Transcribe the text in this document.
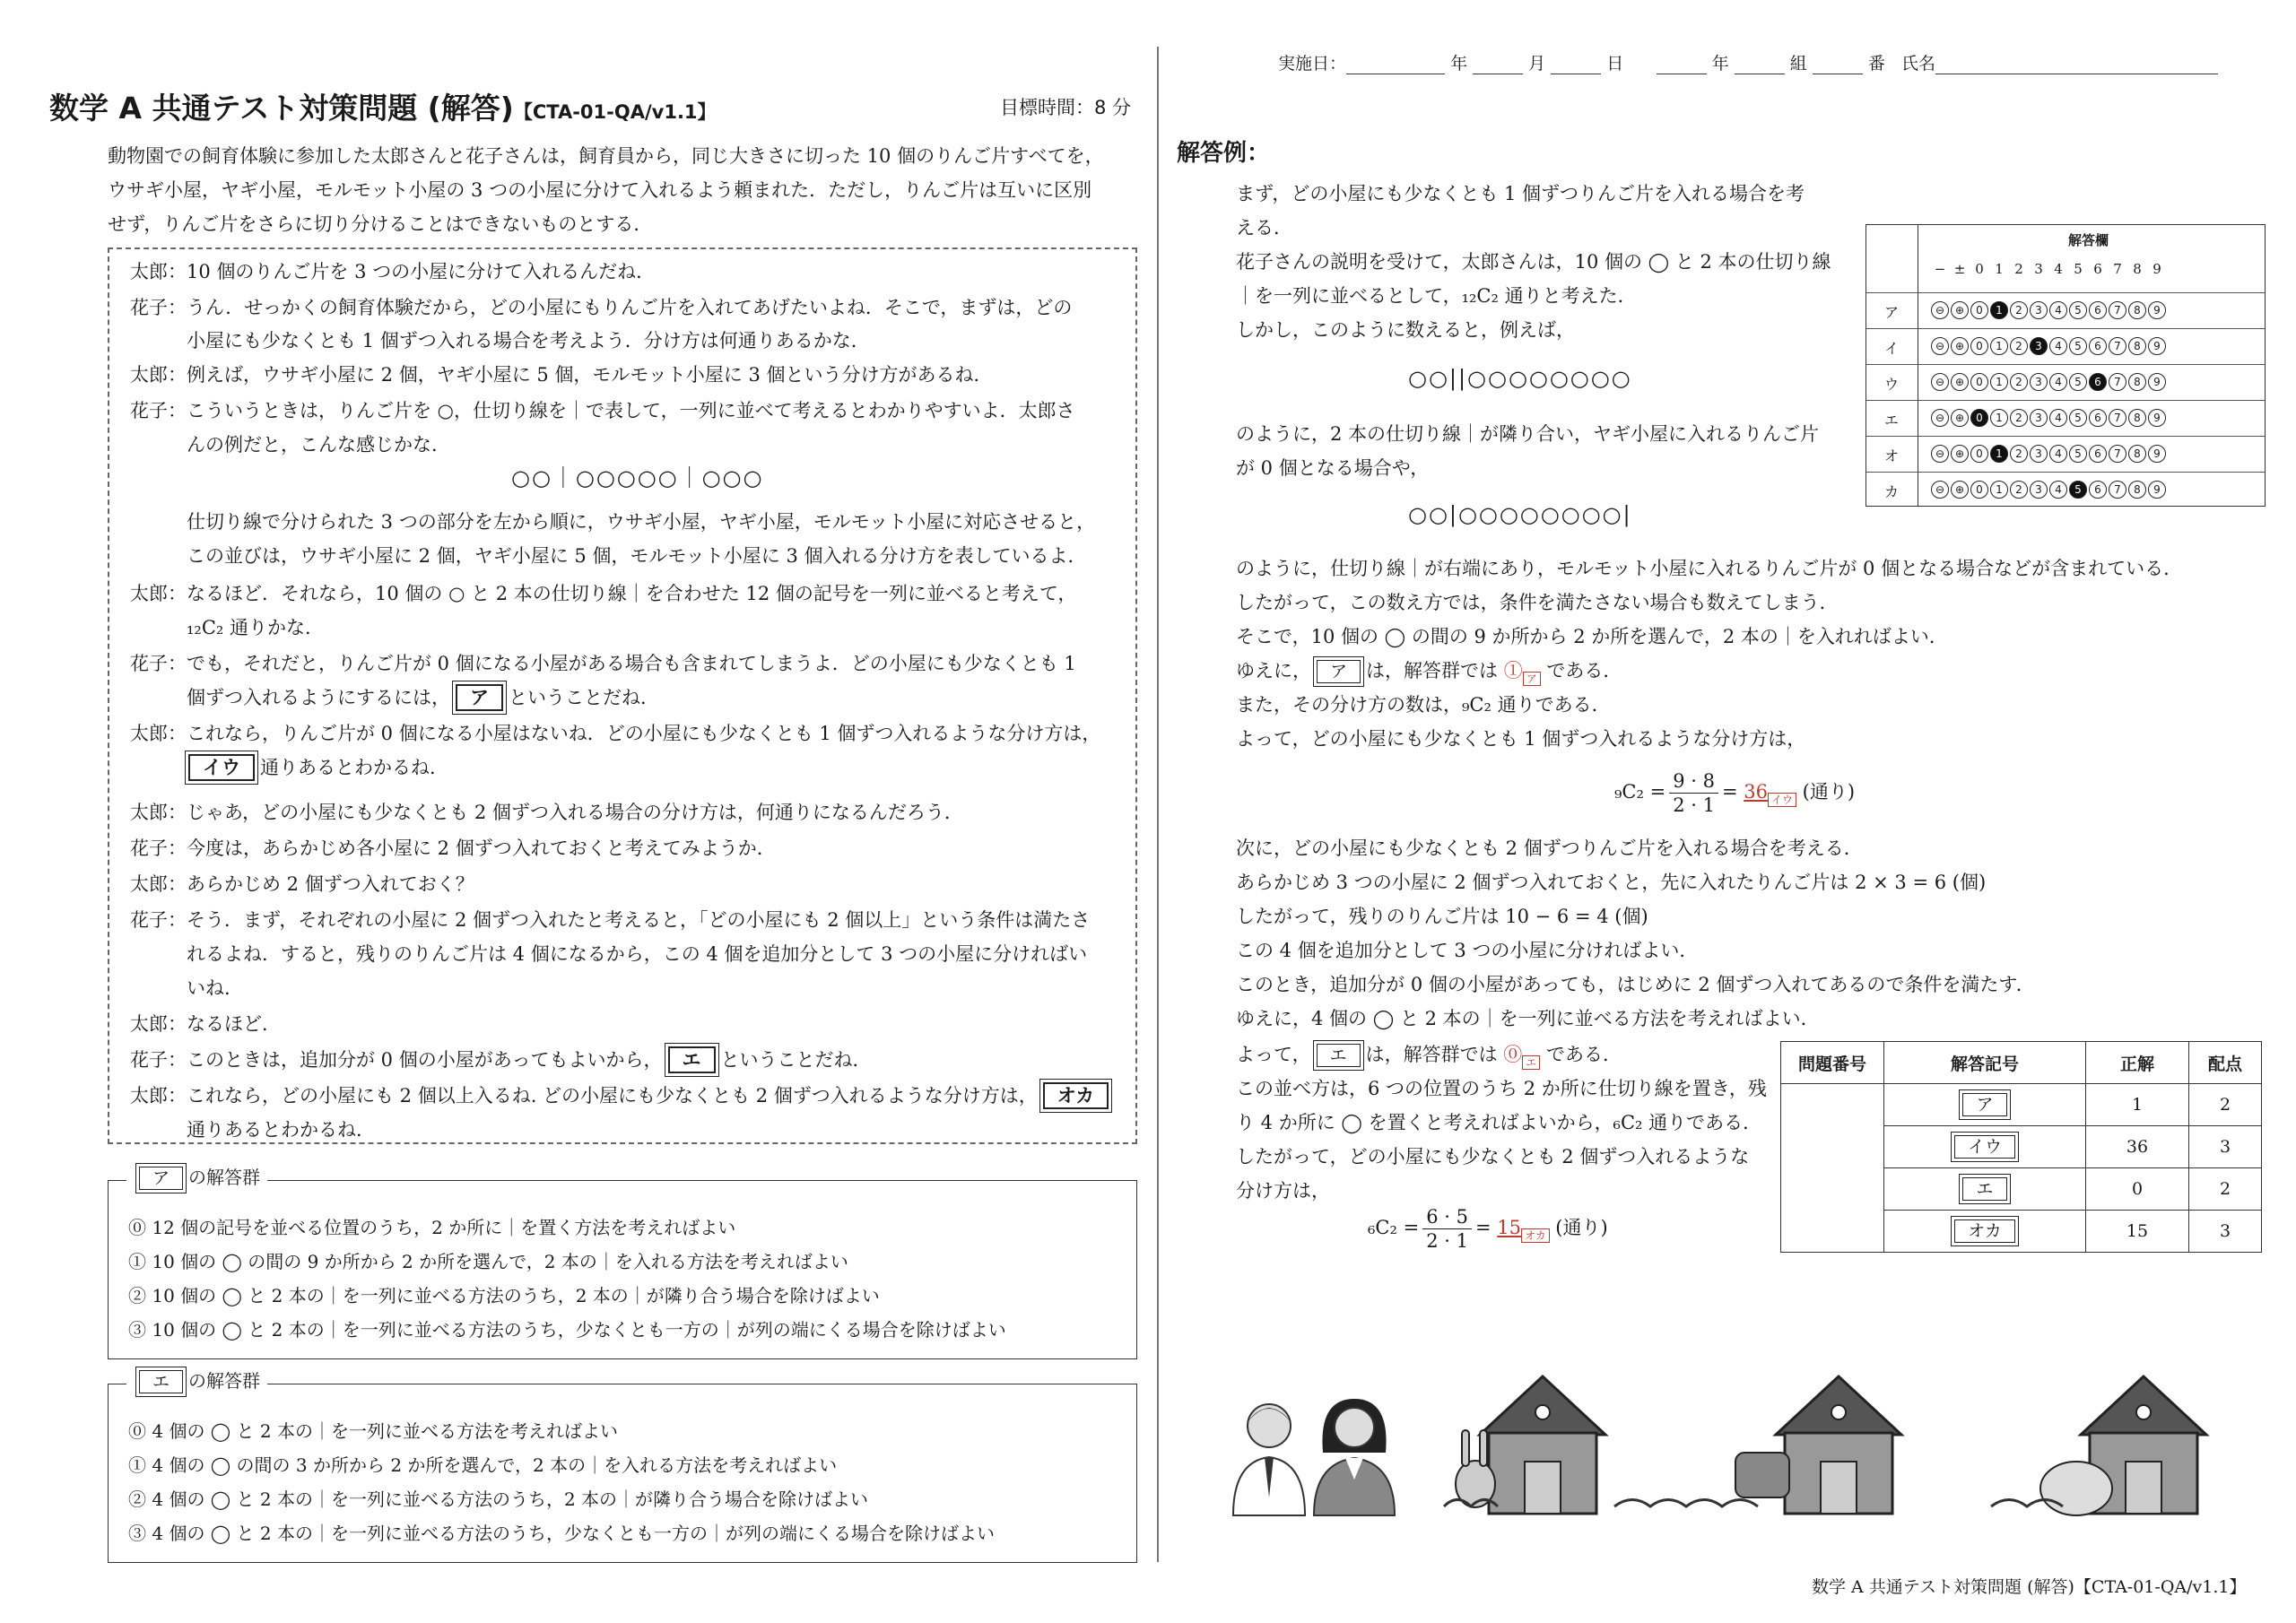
数学 A 共通テスト対策問題 (解答)【CTA-01-QA/v1.1】	目標時間：8 分
実施日：	年	月	日	年	組	番 氏名
動物園での飼育体験に参加した太郎さんと花子さんは，飼育員から，同じ大きさに切った 10 個のりんご片すべてを，
ウサギ小屋，ヤギ小屋，モルモット小屋の 3 つの小屋に分けて入れるよう頼まれた．ただし，りんご片は互いに区別
せず，りんご片をさらに切り分けることはできないものとする．
太郎：10 個のりんご片を 3 つの小屋に分けて入れるんだね．
花子：うん．せっかくの飼育体験だから，どの小屋にもりんご片を入れてあげたいよね．そこで，まずは，どの
小屋にも少なくとも 1 個ずつ入れる場合を考えよう．分け方は何通りあるかな．
太郎：例えば，ウサギ小屋に 2 個，ヤギ小屋に 5 個，モルモット小屋に 3 個という分け方があるね．
花子：こういうときは，りんご片を ○，仕切り線を｜で表して，一列に並べて考えるとわかりやすいよ．太郎さ
んの例だと，こんな感じかな．
○○｜○○○○○｜○○○
仕切り線で分けられた 3 つの部分を左から順に，ウサギ小屋，ヤギ小屋，モルモット小屋に対応させると，
この並びは，ウサギ小屋に 2 個，ヤギ小屋に 5 個，モルモット小屋に 3 個入れる分け方を表しているよ．
太郎：なるほど．それなら，10 個の ○ と 2 本の仕切り線｜を合わせた 12 個の記号を一列に並べると考えて，
₁₂C₂ 通りかな．
花子：でも，それだと，りんご片が 0 個になる小屋がある場合も含まれてしまうよ．どの小屋にも少なくとも 1
個ずつ入れるようにするには， ア ということだね．
太郎：これなら，りんご片が 0 個になる小屋はないね．どの小屋にも少なくとも 1 個ずつ入れるような分け方は，
イウ 通りあるとわかるね．
太郎：じゃあ，どの小屋にも少なくとも 2 個ずつ入れる場合の分け方は，何通りになるんだろう．
花子：今度は，あらかじめ各小屋に 2 個ずつ入れておくと考えてみようか．
太郎：あらかじめ 2 個ずつ入れておく？
花子：そう．まず，それぞれの小屋に 2 個ずつ入れたと考えると，「どの小屋にも 2 個以上」という条件は満たさ
れるよね．すると，残りのりんご片は 4 個になるから，この 4 個を追加分として 3 つの小屋に分ければい
いね．
太郎：なるほど．
花子：このときは，追加分が 0 個の小屋があってもよいから， エ ということだね．
太郎：これなら，どの小屋にも 2 個以上入るね. どの小屋にも少なくとも 2 個ずつ入れるような分け方は， オカ
通りあるとわかるね．
ア の解答群
⓪ 12 個の記号を並べる位置のうち，2 か所に｜を置く方法を考えればよい
① 10 個の ◯ の間の 9 か所から 2 か所を選んで，2 本の｜を入れる方法を考えればよい
② 10 個の ◯ と 2 本の｜を一列に並べる方法のうち，2 本の｜が隣り合う場合を除けばよい
③ 10 個の ◯ と 2 本の｜を一列に並べる方法のうち，少なくとも一方の｜が列の端にくる場合を除けばよい
エ の解答群
⓪ 4 個の ◯ と 2 本の｜を一列に並べる方法を考えればよい
① 4 個の ◯ の間の 3 か所から 2 か所を選んで，2 本の｜を入れる方法を考えればよい
② 4 個の ◯ と 2 本の｜を一列に並べる方法のうち，2 本の｜が隣り合う場合を除けばよい
③ 4 個の ◯ と 2 本の｜を一列に並べる方法のうち，少なくとも一方の｜が列の端にくる場合を除けばよい
解答例：
まず，どの小屋にも少なくとも 1 個ずつりんご片を入れる場合を考
える．
花子さんの説明を受けて，太郎さんは，10 個の ◯ と 2 本の仕切り線
｜を一列に並べるとして，₁₂C₂ 通りと考えた．
しかし，このように数えると，例えば，
○○||○○○○○○○○
のように，2 本の仕切り線｜が隣り合い，ヤギ小屋に入れるりんご片
が 0 個となる場合や，
○○|○○○○○○○○|
のように，仕切り線｜が右端にあり，モルモット小屋に入れるりんご片が 0 個となる場合などが含まれている．
したがって，この数え方では，条件を満たさない場合も数えてしまう．
そこで，10 個の ◯ の間の 9 か所から 2 か所を選んで，2 本の｜を入れればよい．
ゆえに， ア は，解答群では ① ア である．
また，その分け方の数は，₉C₂ 通りである．
よって，どの小屋にも少なくとも 1 個ずつ入れるような分け方は，
$_9C_2 = \frac{9 \cdot 8}{2 \cdot 1} = 36$ イウ (通り)
次に，どの小屋にも少なくとも 2 個ずつりんご片を入れる場合を考える．
あらかじめ 3 つの小屋に 2 個ずつ入れておくと，先に入れたりんご片は 2 × 3 = 6 (個)
したがって，残りのりんご片は 10 − 6 = 4 (個)
この 4 個を追加分として 3 つの小屋に分ければよい．
このとき，追加分が 0 個の小屋があっても，はじめに 2 個ずつ入れてあるので条件を満たす．
ゆえに，4 個の ◯ と 2 本の｜を一列に並べる方法を考えればよい．
よって， エ は，解答群では ⓪ エ である．
この並べ方は，6 つの位置のうち 2 か所に仕切り線を置き，残
り 4 か所に ◯ を置くと考えればよいから，₆C₂ 通りである．
したがって，どの小屋にも少なくとも 2 個ずつ入れるような
分け方は，
$_6C_2 = \frac{6 \cdot 5}{2 \cdot 1} = 15$ オカ (通り)
解答欄
− ± 0 1 2 3 4 5 6 7 8 9
ア	⊖ ⊕	0	1	2	3	4	5	6	7	8	9
イ	⊖ ⊕	0	1	2	3	4	5	6	7	8	9
ウ	⊖ ⊕	0	1	2	3	4	5	6	7	8	9
エ	⊖ ⊕	0	1	2	3	4	5	6	7	8	9
オ	⊖ ⊕	0	1	2	3	4	5	6	7	8	9
カ	⊖ ⊕	0	1	2	3	4	5	6	7	8	9
問題番号	解答記号	正解	配点
	ア	1	2
	イウ	36	3
	エ	0	2
	オカ	15	3
数学 A 共通テスト対策問題 (解答)【CTA-01-QA/v1.1】
